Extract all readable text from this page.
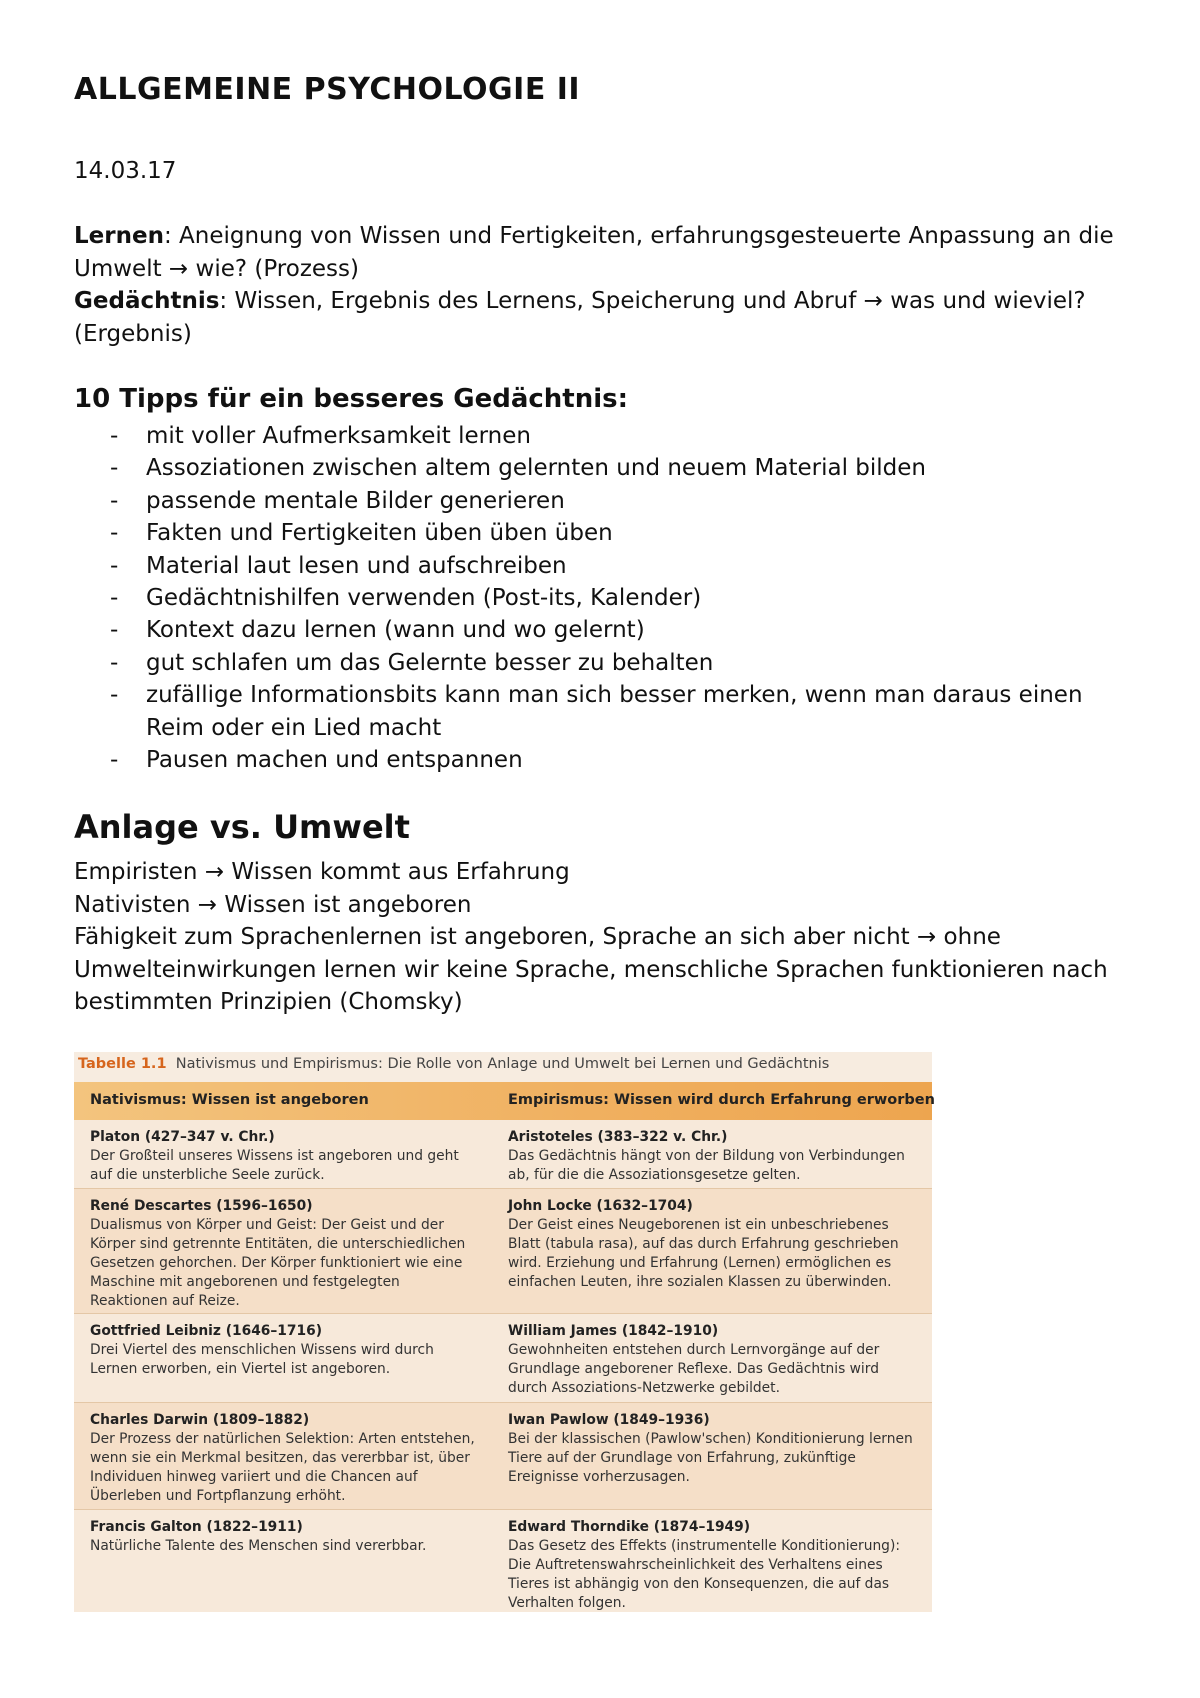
ALLGEMEINE PSYCHOLOGIE II
14.03.17
Lernen: Aneignung von Wissen und Fertigkeiten, erfahrungsgesteuerte Anpassung an die Umwelt → wie? (Prozess)
Gedächtnis: Wissen, Ergebnis des Lernens, Speicherung und Abruf → was und wieviel? (Ergebnis)
10 Tipps für ein besseres Gedächtnis:
- mit voller Aufmerksamkeit lernen
- Assoziationen zwischen altem gelernten und neuem Material bilden
- passende mentale Bilder generieren
- Fakten und Fertigkeiten üben üben üben
- Material laut lesen und aufschreiben
- Gedächtnishilfen verwenden (Post-its, Kalender)
- Kontext dazu lernen (wann und wo gelernt)
- gut schlafen um das Gelernte besser zu behalten
- zufällige Informationsbits kann man sich besser merken, wenn man daraus einen Reim oder ein Lied macht
- Pausen machen und entspannen
Anlage vs. Umwelt
Empiristen → Wissen kommt aus Erfahrung
Nativisten → Wissen ist angeboren
Fähigkeit zum Sprachenlernen ist angeboren, Sprache an sich aber nicht → ohne Umwelteinwirkungen lernen wir keine Sprache, menschliche Sprachen funktionieren nach bestimmten Prinzipien (Chomsky)
Tabelle 1.1 Nativismus und Empirismus: Die Rolle von Anlage und Umwelt bei Lernen und Gedächtnis
Nativismus: Wissen ist angeboren	Empirismus: Wissen wird durch Erfahrung erworben
Platon (427–347 v. Chr.)
Der Großteil unseres Wissens ist angeboren und geht auf die unsterbliche Seele zurück.
Aristoteles (383–322 v. Chr.)
Das Gedächtnis hängt von der Bildung von Verbindungen ab, für die die Assoziationsgesetze gelten.
René Descartes (1596–1650)
Dualismus von Körper und Geist: Der Geist und der Körper sind getrennte Entitäten, die unterschiedlichen Gesetzen gehorchen. Der Körper funktioniert wie eine Maschine mit angeborenen und festgelegten Reaktionen auf Reize.
John Locke (1632–1704)
Der Geist eines Neugeborenen ist ein unbeschriebenes Blatt (tabula rasa), auf das durch Erfahrung geschrieben wird. Erziehung und Erfahrung (Lernen) ermöglichen es einfachen Leuten, ihre sozialen Klassen zu überwinden.
Gottfried Leibniz (1646–1716)
Drei Viertel des menschlichen Wissens wird durch Lernen erworben, ein Viertel ist angeboren.
William James (1842–1910)
Gewohnheiten entstehen durch Lernvorgänge auf der Grundlage angeborener Reflexe. Das Gedächtnis wird durch Assoziations-Netzwerke gebildet.
Charles Darwin (1809–1882)
Der Prozess der natürlichen Selektion: Arten entstehen, wenn sie ein Merkmal besitzen, das vererbbar ist, über Individuen hinweg variiert und die Chancen auf Überleben und Fortpflanzung erhöht.
Iwan Pawlow (1849–1936)
Bei der klassischen (Pawlow'schen) Konditionierung lernen Tiere auf der Grundlage von Erfahrung, zukünftige Ereignisse vorherzusagen.
Francis Galton (1822–1911)
Natürliche Talente des Menschen sind vererbbar.
Edward Thorndike (1874–1949)
Das Gesetz des Effekts (instrumentelle Konditionierung): Die Auftretenswahrscheinlichkeit des Verhaltens eines Tieres ist abhängig von den Konsequenzen, die auf das Verhalten folgen.
